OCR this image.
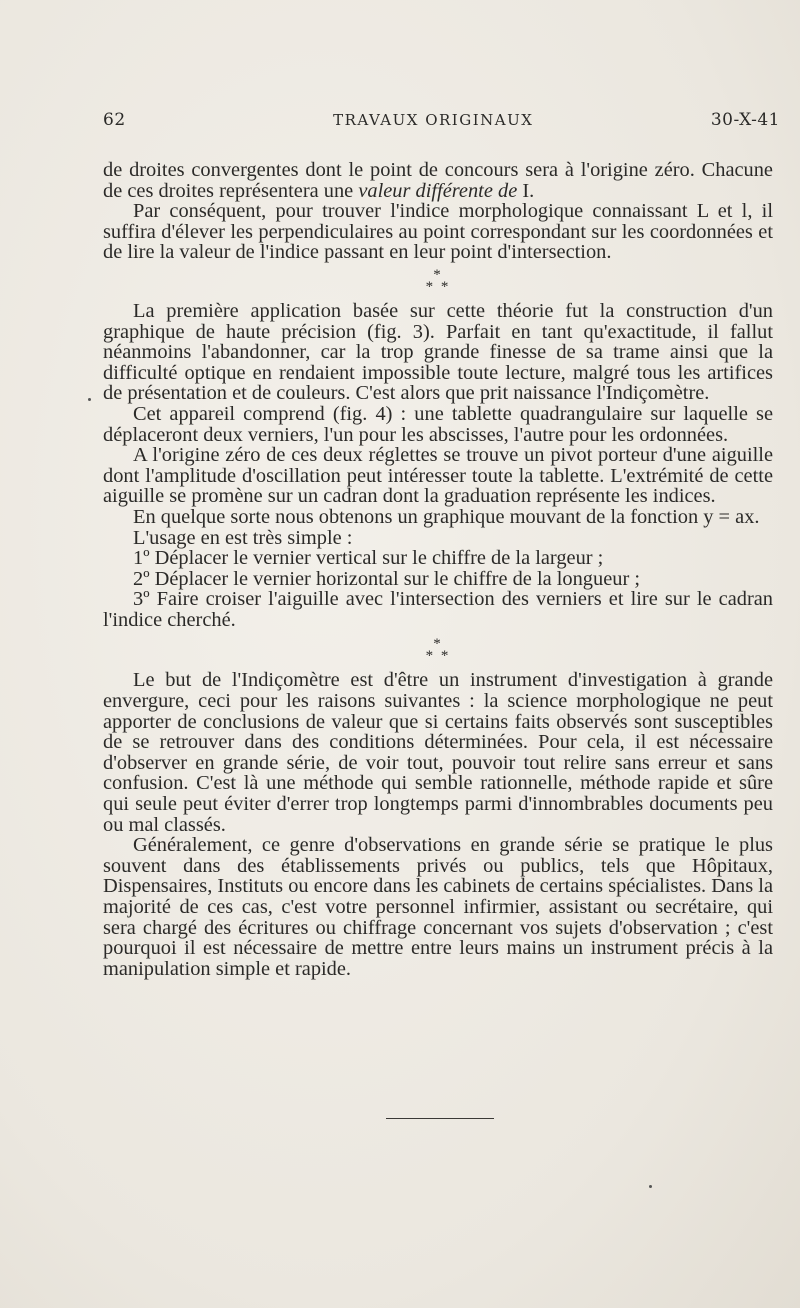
62	TRAVAUX ORIGINAUX	30-X-41

de droites convergentes dont le point de concours sera à l'origine zéro. Chacune de ces droites représentera une valeur différente de I.

Par conséquent, pour trouver l'indice morphologique connaissant L et l, il suffira d'élever les perpendiculaires au point correspondant sur les coordonnées et de lire la valeur de l'indice passant en leur point d'intersection.

*
* *

La première application basée sur cette théorie fut la construction d'un graphique de haute précision (fig. 3). Parfait en tant qu'exactitude, il fallut néanmoins l'abandonner, car la trop grande finesse de sa trame ainsi que la difficulté optique en rendaient impossible toute lecture, malgré tous les artifices de présentation et de couleurs. C'est alors que prit naissance l'Indiçomètre.

Cet appareil comprend (fig. 4) : une tablette quadrangulaire sur laquelle se déplaceront deux verniers, l'un pour les abscisses, l'autre pour les ordonnées.

A l'origine zéro de ces deux réglettes se trouve un pivot porteur d'une aiguille dont l'amplitude d'oscillation peut intéresser toute la tablette. L'extrémité de cette aiguille se promène sur un cadran dont la graduation représente les indices.

En quelque sorte nous obtenons un graphique mouvant de la fonction y = ax.

L'usage en est très simple :

1º Déplacer le vernier vertical sur le chiffre de la largeur ;

2º Déplacer le vernier horizontal sur le chiffre de la longueur ;

3º Faire croiser l'aiguille avec l'intersection des verniers et lire sur le cadran l'indice cherché.

*
* *

Le but de l'Indiçomètre est d'être un instrument d'investigation à grande envergure, ceci pour les raisons suivantes : la science morphologique ne peut apporter de conclusions de valeur que si certains faits observés sont susceptibles de se retrouver dans des conditions déterminées. Pour cela, il est nécessaire d'observer en grande série, de voir tout, pouvoir tout relire sans erreur et sans confusion. C'est là une méthode qui semble rationnelle, méthode rapide et sûre qui seule peut éviter d'errer trop longtemps parmi d'innombrables documents peu ou mal classés.

Généralement, ce genre d'observations en grande série se pratique le plus souvent dans des établissements privés ou publics, tels que Hôpitaux, Dispensaires, Instituts ou encore dans les cabinets de certains spécialistes. Dans la majorité de ces cas, c'est votre personnel infirmier, assistant ou secrétaire, qui sera chargé des écritures ou chiffrage concernant vos sujets d'observation ; c'est pourquoi il est nécessaire de mettre entre leurs mains un instrument précis à la manipulation simple et rapide.
